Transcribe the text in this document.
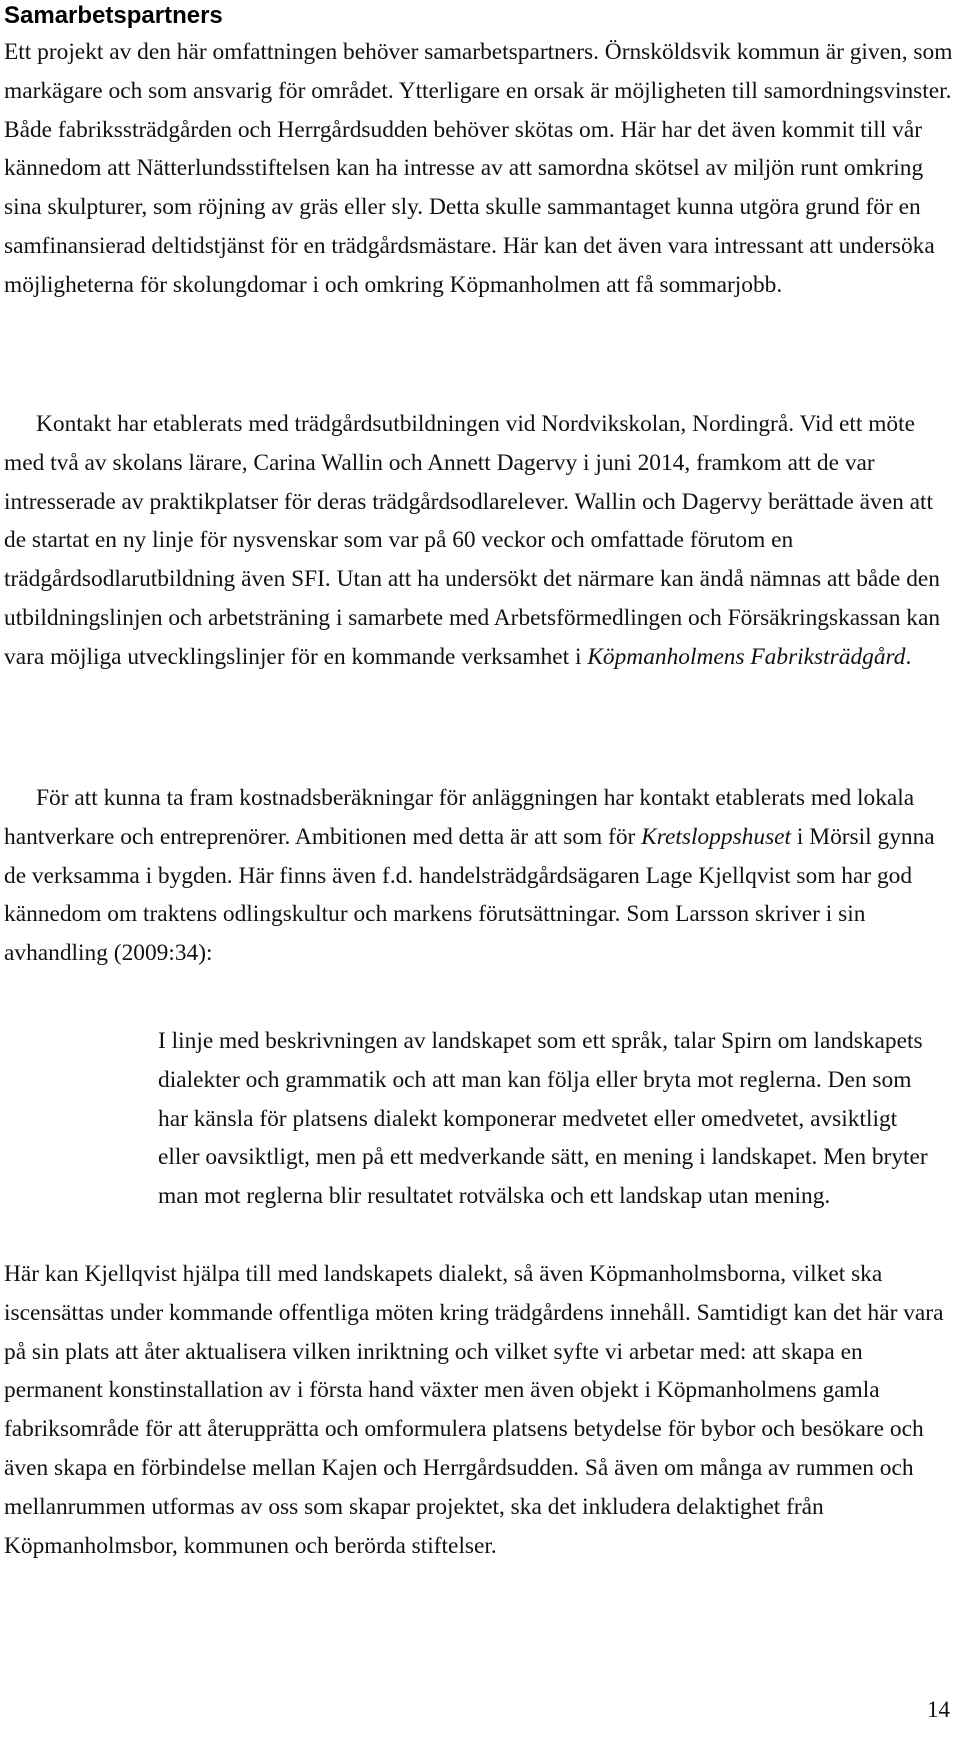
Samarbetspartners

Ett projekt av den här omfattningen behöver samarbetspartners. Örnsköldsvik kommun är given, som markägare och som ansvarig för området. Ytterligare en orsak är möjligheten till samordningsvinster. Både fabrikssträdgården och Herrgårdsudden behöver skötas om. Här har det även kommit till vår kännedom att Nätterlundsstiftelsen kan ha intresse av att samordna skötsel av miljön runt omkring sina skulpturer, som röjning av gräs eller sly. Detta skulle sammantaget kunna utgöra grund för en samfinansierad deltidstjänst för en trädgårdsmästare. Här kan det även vara intressant att undersöka möjligheterna för skolungdomar i och omkring Köpmanholmen att få sommarjobb.

Kontakt har etablerats med trädgårdsutbildningen vid Nordvikskolan, Nordingrå. Vid ett möte med två av skolans lärare, Carina Wallin och Annett Dagervy i juni 2014, framkom att de var intresserade av praktikplatser för deras trädgårdsodlarelever. Wallin och Dagervy berättade även att de startat en ny linje för nysvenskar som var på 60 veckor och omfattade förutom en trädgårdsodlarutbildning även SFI. Utan att ha undersökt det närmare kan ändå nämnas att både den utbildningslinjen och arbetsträning i samarbete med Arbetsförmedlingen och Försäkringskassan kan vara möjliga utvecklingslinjer för en kommande verksamhet i Köpmanholmens Fabriksträdgård.

För att kunna ta fram kostnadsberäkningar för anläggningen har kontakt etablerats med lokala hantverkare och entreprenörer. Ambitionen med detta är att som för Kretsloppshuset i Mörsil gynna de verksamma i bygden. Här finns även f.d. handelsträdgårdsägaren Lage Kjellqvist som har god kännedom om traktens odlingskultur och markens förutsättningar. Som Larsson skriver i sin avhandling (2009:34):

I linje med beskrivningen av landskapet som ett språk, talar Spirn om landskapets dialekter och grammatik och att man kan följa eller bryta mot reglerna. Den som har känsla för platsens dialekt komponerar medvetet eller omedvetet, avsiktligt eller oavsiktligt, men på ett medverkande sätt, en mening i landskapet. Men bryter man mot reglerna blir resultatet rotvälska och ett landskap utan mening.

Här kan Kjellqvist hjälpa till med landskapets dialekt, så även Köpmanholmsborna, vilket ska iscensättas under kommande offentliga möten kring trädgårdens innehåll. Samtidigt kan det här vara på sin plats att åter aktualisera vilken inriktning och vilket syfte vi arbetar med: att skapa en permanent konstinstallation av i första hand växter men även objekt i Köpmanholmens gamla fabriksområde för att återupprätta och omformulera platsens betydelse för bybor och besökare och även skapa en förbindelse mellan Kajen och Herrgårdsudden. Så även om många av rummen och mellanrummen utformas av oss som skapar projektet, ska det inkludera delaktighet från Köpmanholmsbor, kommunen och berörda stiftelser.

14
